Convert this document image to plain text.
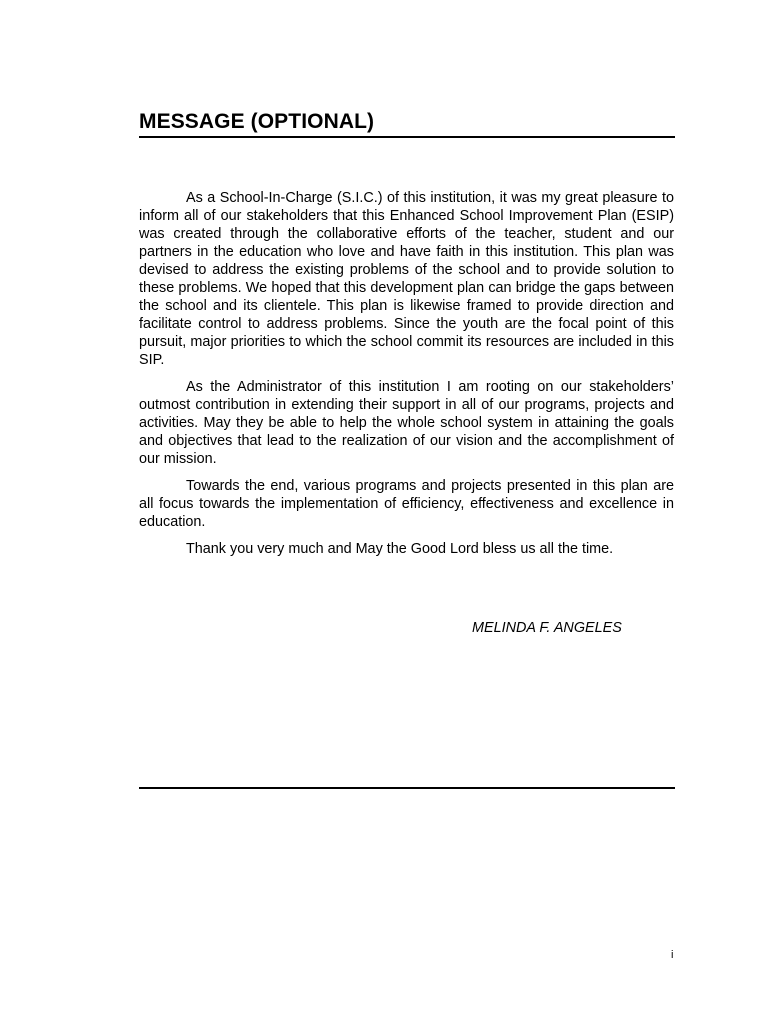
MESSAGE (OPTIONAL)

As a School-In-Charge (S.I.C.) of this institution, it was my great pleasure to inform all of our stakeholders that this Enhanced School Improvement Plan (ESIP) was created through the collaborative efforts of the teacher, student and our partners in the education who love and have faith in this institution. This plan was devised to address the existing problems of the school and to provide solution to these problems. We hoped that this development plan can bridge the gaps between the school and its clientele. This plan is likewise framed to provide direction and facilitate control to address problems. Since the youth are the focal point of this pursuit, major priorities to which the school commit its resources are included in this SIP.

As the Administrator of this institution I am rooting on our stakeholders’ outmost contribution in extending their support in all of our programs, projects and activities. May they be able to help the whole school system in attaining the goals and objectives that lead to the realization of our vision and the accomplishment of our mission.

Towards the end, various programs and projects presented in this plan are all focus towards the implementation of efficiency, effectiveness and excellence in education.

Thank you very much and May the Good Lord bless us all the time.

MELINDA F. ANGELES
i
